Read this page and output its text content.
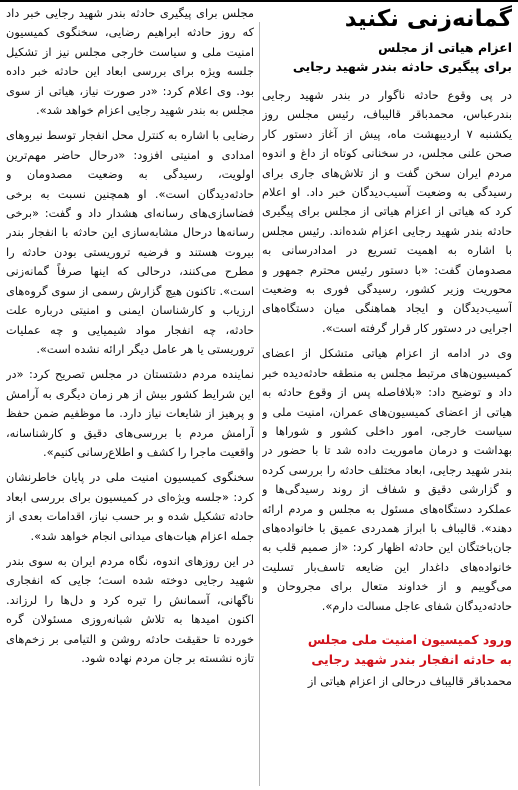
گمانه‌زنی نکنید
اعزام هیاتی از مجلس
برای پیگیری حادثه بندر شهید رجایی

در پی وقوع حادثه ناگوار در بندر شهید رجایی بندرعباس، محمدباقر قالیباف، رئیس مجلس روز یکشنبه ۷ اردیبهشت ماه، پیش از آغاز دستور کار صحن علنی مجلس، در سخنانی کوتاه از داغ و اندوه مردم ایران سخن گفت و از تلاش‌های جاری برای رسیدگی به وضعیت آسیب‌دیدگان خبر داد. او اعلام کرد که هیاتی از اعزام هیاتی از مجلس برای پیگیری حادثه بندر شهید رجایی اعزام شده‌اند. رئیس مجلس با اشاره به اهمیت تسریع در امدادرسانی به مصدومان گفت: «با دستور رئیس محترم جمهور و محوریت وزیر کشور، رسیدگی فوری به وضعیت آسیب‌دیدگان و ایجاد هماهنگی میان دستگاه‌های اجرایی در دستور کار قرار گرفته است».

وی در ادامه از اعزام هیاتی متشکل از اعضای کمیسیون‌های مرتبط مجلس به منطقه حادثه‌دیده خبر داد و توضیح داد: «بلافاصله پس از وقوع حادثه به هیاتی از اعضای کمیسیون‌های عمران، امنیت ملی و سیاست خارجی، امور داخلی کشور و شوراها و بهداشت و درمان ماموریت داده شد تا با حضور در بندر شهید رجایی، ابعاد مختلف حادثه را بررسی کرده و گزارشی دقیق و شفاف از روند رسیدگی‌ها و عملکرد دستگاه‌های مسئول به مجلس و مردم ارائه دهند». قالیباف با ابراز همدردی عمیق با خانواده‌های جان‌باختگان این حادثه اظهار کرد: «از صمیم قلب به خانواده‌های داغدار این ضایعه تاسف‌بار تسلیت می‌گوییم و از خداوند متعال برای مجروحان و حادثه‌دیدگان شفای عاجل مسالت دارم».

ورود کمیسیون امنیت ملی مجلس
به حادثه انفجار بندر شهید رجایی

محمدباقر قالیباف درحالی از اعزام هیاتی از

مجلس برای پیگیری حادثه بندر شهید رجایی خبر داد که روز حادثه ابراهیم رضایی، سخنگوی کمیسیون امنیت ملی و سیاست خارجی مجلس نیز از تشکیل جلسه ویژه برای بررسی ابعاد این حادثه خبر داده بود. وی اعلام کرد: «در صورت نیاز، هیاتی از سوی مجلس به بندر شهید رجایی اعزام خواهد شد».

رضایی با اشاره به کنترل محل انفجار توسط نیروهای امدادی و امنیتی افزود: «درحال حاضر مهم‌ترین اولویت، رسیدگی به وضعیت مصدومان و حادثه‌دیدگان است». او همچنین نسبت به برخی فضاسازی‌های رسانه‌ای هشدار داد و گفت: «برخی رسانه‌ها درحال مشابه‌سازی این حادثه با انفجار بندر بیروت هستند و فرضیه تروریستی بودن حادثه را مطرح می‌کنند، درحالی که اینها صرفاً گمانه‌زنی است». تاکنون هیچ گزارش رسمی از سوی گروه‌های ارزیاب و کارشناسان ایمنی و امنیتی درباره علت حادثه، چه انفجار مواد شیمیایی و چه عملیات تروریستی یا هر عامل دیگر ارائه نشده است».

نماینده مردم دشتستان در مجلس تصریح کرد: «در این شرایط کشور بیش از هر زمان دیگری به آرامش و پرهیز از شایعات نیاز دارد. ما موظفیم ضمن حفظ آرامش مردم با بررسی‌های دقیق و کارشناسانه، واقعیت ماجرا را کشف و اطلاع‌رسانی کنیم».

سخنگوی کمیسیون امنیت ملی در پایان خاطرنشان کرد: «جلسه ویژه‌ای در کمیسیون برای بررسی ابعاد حادثه تشکیل شده و بر حسب نیاز، اقدامات بعدی از جمله اعزام هیات‌های میدانی انجام خواهد شد».

در این روزهای اندوه، نگاه مردم ایران به سوی بندر شهید رجایی دوخته شده است؛ جایی که انفجاری ناگهانی، آسمانش را تیره کرد و دل‌ها را لرزاند. اکنون امیدها به تلاش شبانه‌روزی مسئولان گره خورده تا حقیقت حادثه روشن و التیامی بر زخم‌های تازه نشسته بر جان مردم نهاده شود.
